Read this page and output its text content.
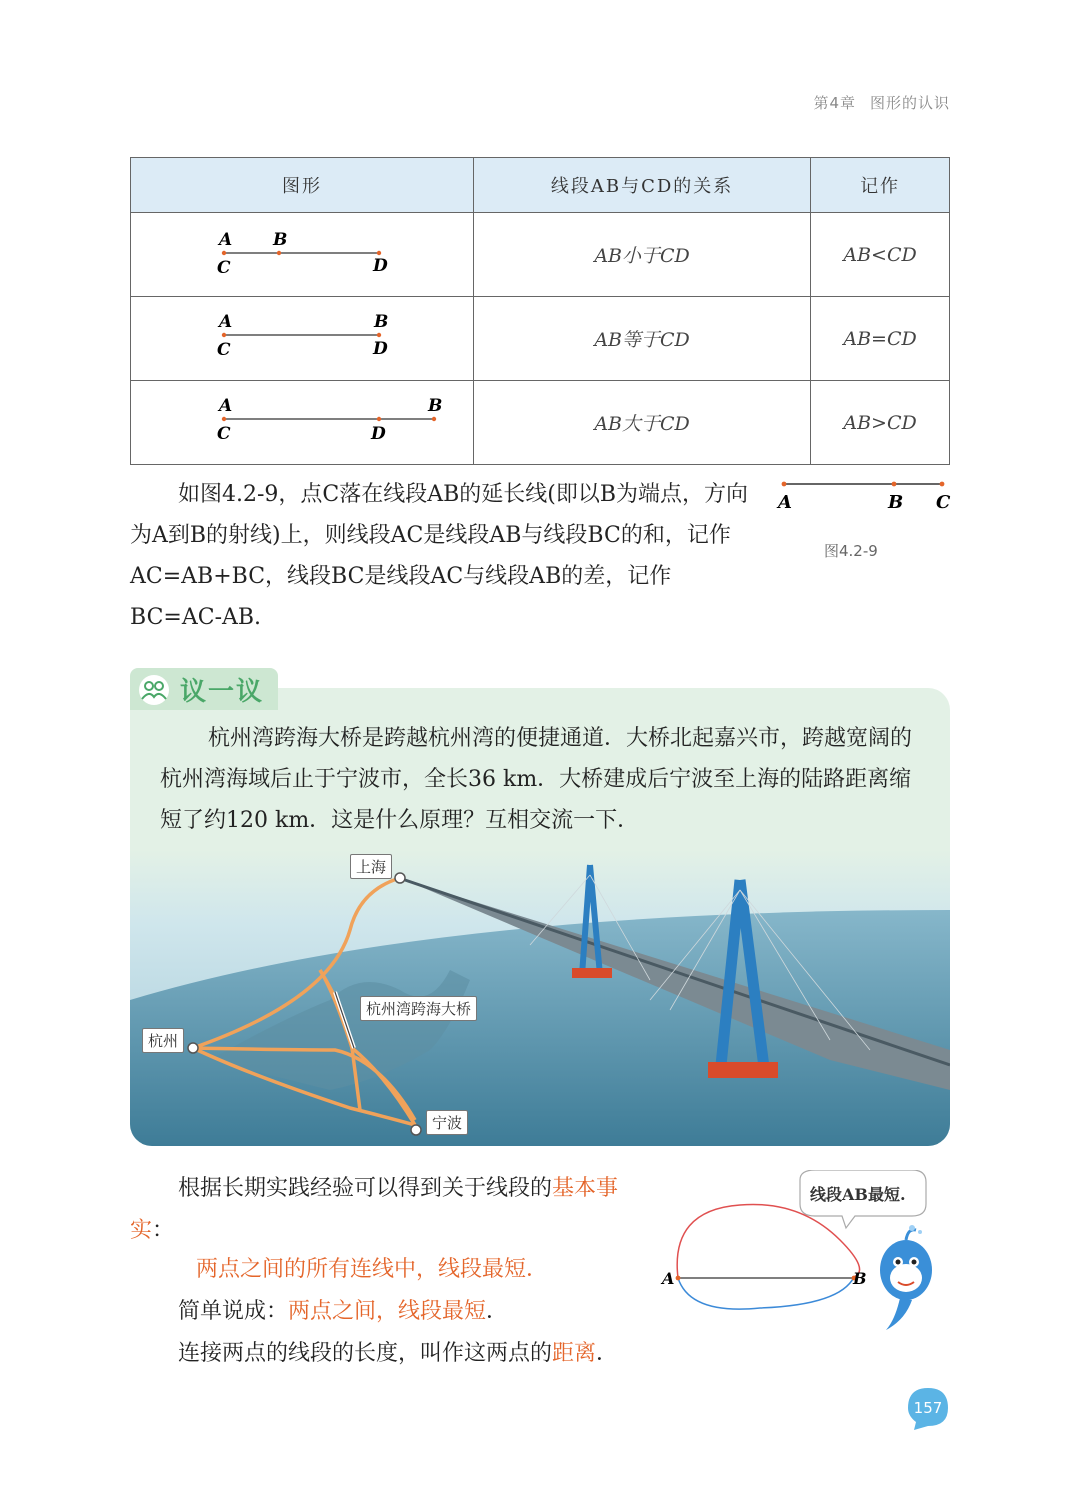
第4章 图形的认识
图形	线段AB与CD的关系	记作

A B
C D	AB小于CD	AB<CD

A B
C D	AB等于CD	AB=CD

A B
C D	AB大于CD	AB>CD
如图4.2-9，点C落在线段AB的延长线(即以B为端点，方向为A到B的射线)上，则线段AC是线段AB与线段BC的和，记作AC=AB+BC，线段BC是线段AC与线段AB的差，记作BC=AC-AB.
A	B C
图4.2-9
议一议
杭州湾跨海大桥是跨越杭州湾的便捷通道．大桥北起嘉兴市，跨越宽阔的杭州湾海域后止于宁波市，全长36 km．大桥建成后宁波至上海的陆路距离缩短了约120 km．这是什么原理？互相交流一下．
上海
杭州湾跨海大桥
杭州
宁波
根据长期实践经验可以得到关于线段的基本事实：
两点之间的所有连线中，线段最短．
简单说成：两点之间，线段最短．
连接两点的线段的长度，叫作这两点的距离．
线段AB最短.
A	B
157
